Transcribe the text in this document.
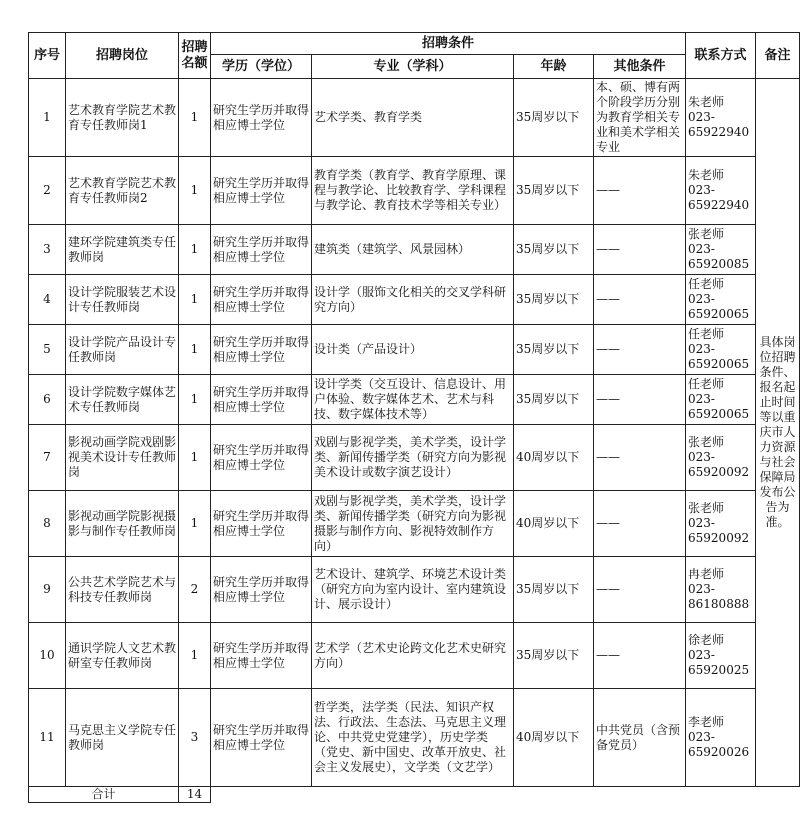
序号	招聘岗位	招聘名额	招聘条件				联系方式	备注
			学历（学位）	专业（学科）	年龄	其他条件		
1	艺术教育学院艺术教育专任教师岗1	1	研究生学历并取得相应博士学位	艺术学类、教育学类	35周岁以下	本、硕、博有两个阶段学历分别为教育学相关专业和美术学相关专业	朱老师 023-65922940	具体岗位招聘条件、报名起止时间等以重庆市人力资源与社会保障局发布公告为准。
2	艺术教育学院艺术教育专任教师岗2	1	研究生学历并取得相应博士学位	教育学类（教育学、教育学原理、课程与教学论、比较教育学、学科课程与教学论、教育技术学等相关专业）	35周岁以下	——	朱老师 023-65922940	
3	建环学院建筑类专任教师岗	1	研究生学历并取得相应博士学位	建筑类（建筑学、风景园林）	35周岁以下	——	张老师 023-65920085	
4	设计学院服装艺术设计专任教师岗	1	研究生学历并取得相应博士学位	设计学（服饰文化相关的交叉学科研究方向）	35周岁以下	——	任老师 023-65920065	
5	设计学院产品设计专任教师岗	1	研究生学历并取得相应博士学位	设计类（产品设计）	35周岁以下	——	任老师 023-65920065	
6	设计学院数字媒体艺术专任教师岗	1	研究生学历并取得相应博士学位	设计学类（交互设计、信息设计、用户体验、数字媒体艺术、艺术与科技、数字媒体技术等）	35周岁以下	——	任老师 023-65920065	
7	影视动画学院戏剧影视美术设计专任教师岗	1	研究生学历并取得相应博士学位	戏剧与影视学类，美术学类，设计学类、新闻传播学类（研究方向为影视美术设计或数字演艺设计）	40周岁以下	——	张老师 023-65920092	
8	影视动画学院影视摄影与制作专任教师岗	1	研究生学历并取得相应博士学位	戏剧与影视学类，美术学类，设计学类、新闻传播学类（研究方向为影视摄影与制作方向、影视特效制作方向）	40周岁以下	——	张老师 023-65920092	
9	公共艺术学院艺术与科技专任教师岗	2	研究生学历并取得相应博士学位	艺术设计、建筑学、环境艺术设计类（研究方向为室内设计、室内建筑设计、展示设计）	35周岁以下	——	冉老师 023-86180888	
10	通识学院人文艺术教研室专任教师岗	1	研究生学历并取得相应博士学位	艺术学（艺术史论跨文化艺术史研究方向）	35周岁以下	——	徐老师 023-65920025	
11	马克思主义学院专任教师岗	3	研究生学历并取得相应博士学位	哲学类，法学类（民法、知识产权法、行政法、生态法、马克思主义理论、中共党史党建学），历史学类（党史、新中国史、改革开放史、社会主义发展史），文学类（文艺学）	40周岁以下	中共党员（含预备党员）	李老师 023-65920026	
合计		14						
